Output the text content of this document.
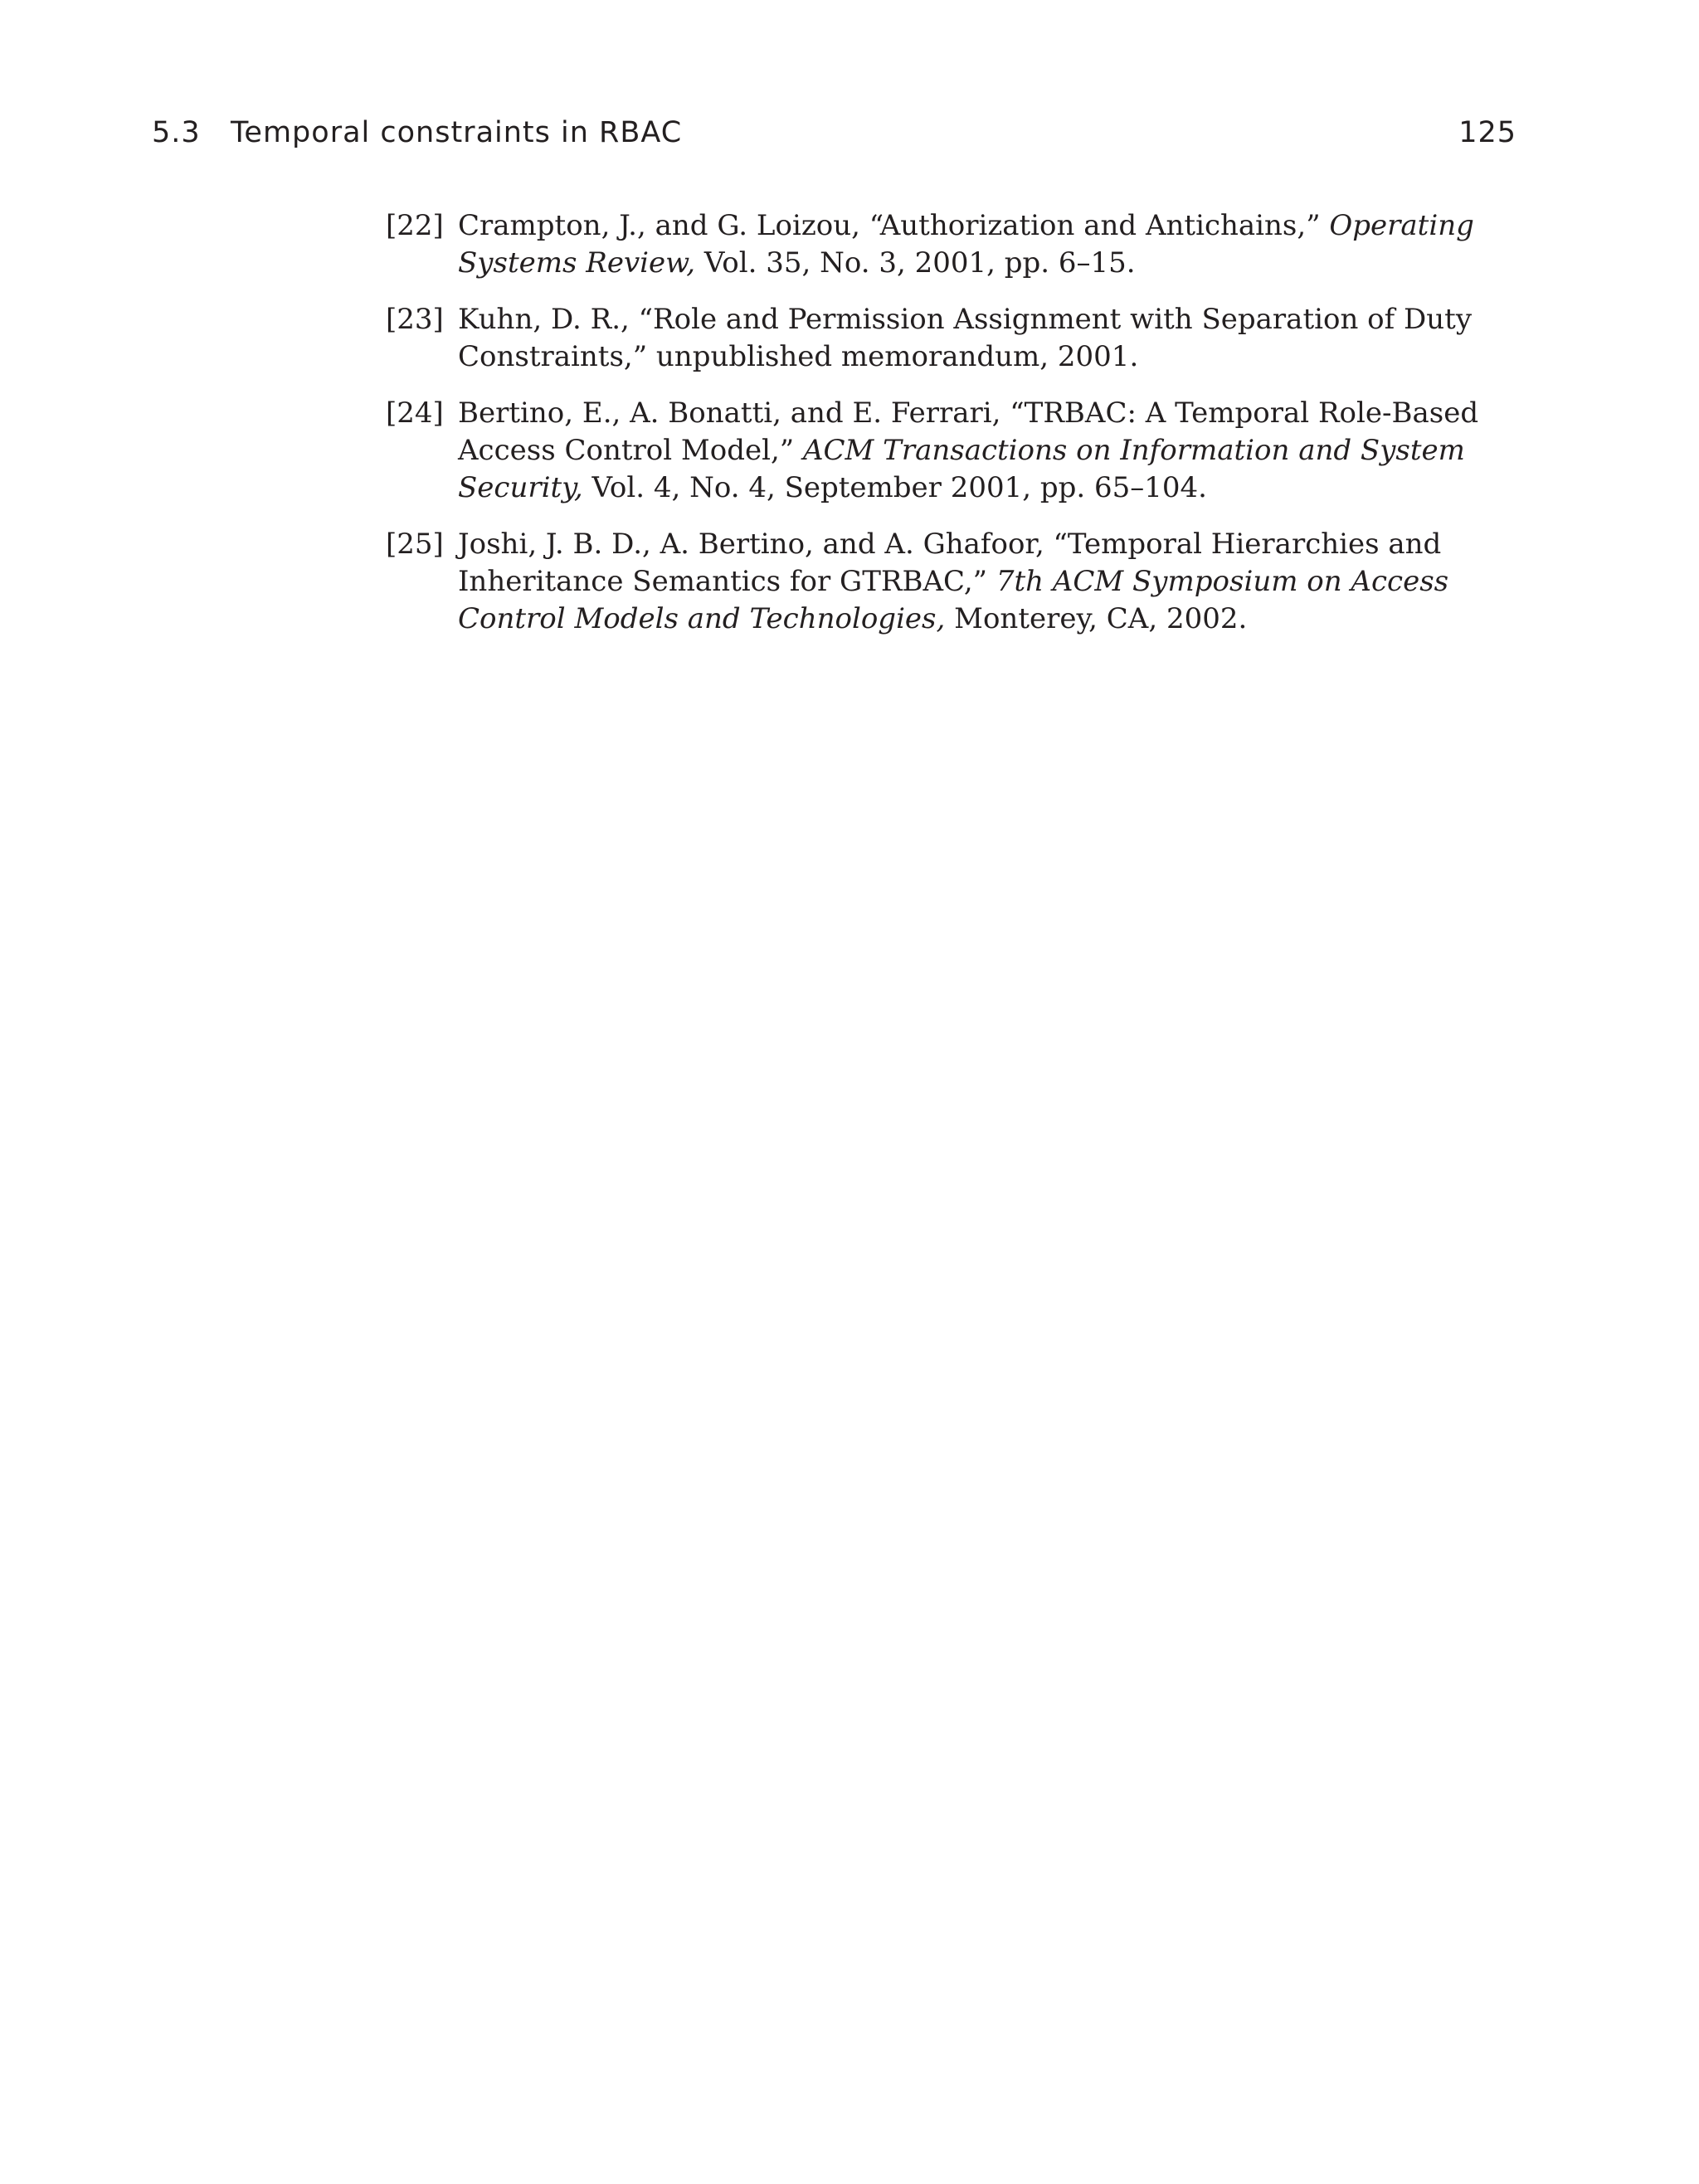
5.3 Temporal constraints in RBAC	125
[22] Crampton, J., and G. Loizou, “Authorization and Antichains,” Operating Systems Review, Vol. 35, No. 3, 2001, pp. 6–15.
[23] Kuhn, D. R., “Role and Permission Assignment with Separation of Duty Constraints,” unpublished memorandum, 2001.
[24] Bertino, E., A. Bonatti, and E. Ferrari, “TRBAC: A Temporal Role-Based Access Control Model,” ACM Transactions on Information and System Security, Vol. 4, No. 4, September 2001, pp. 65–104.
[25] Joshi, J. B. D., A. Bertino, and A. Ghafoor, “Temporal Hierarchies and Inheritance Semantics for GTRBAC,” 7th ACM Symposium on Access Control Models and Technologies, Monterey, CA, 2002.
